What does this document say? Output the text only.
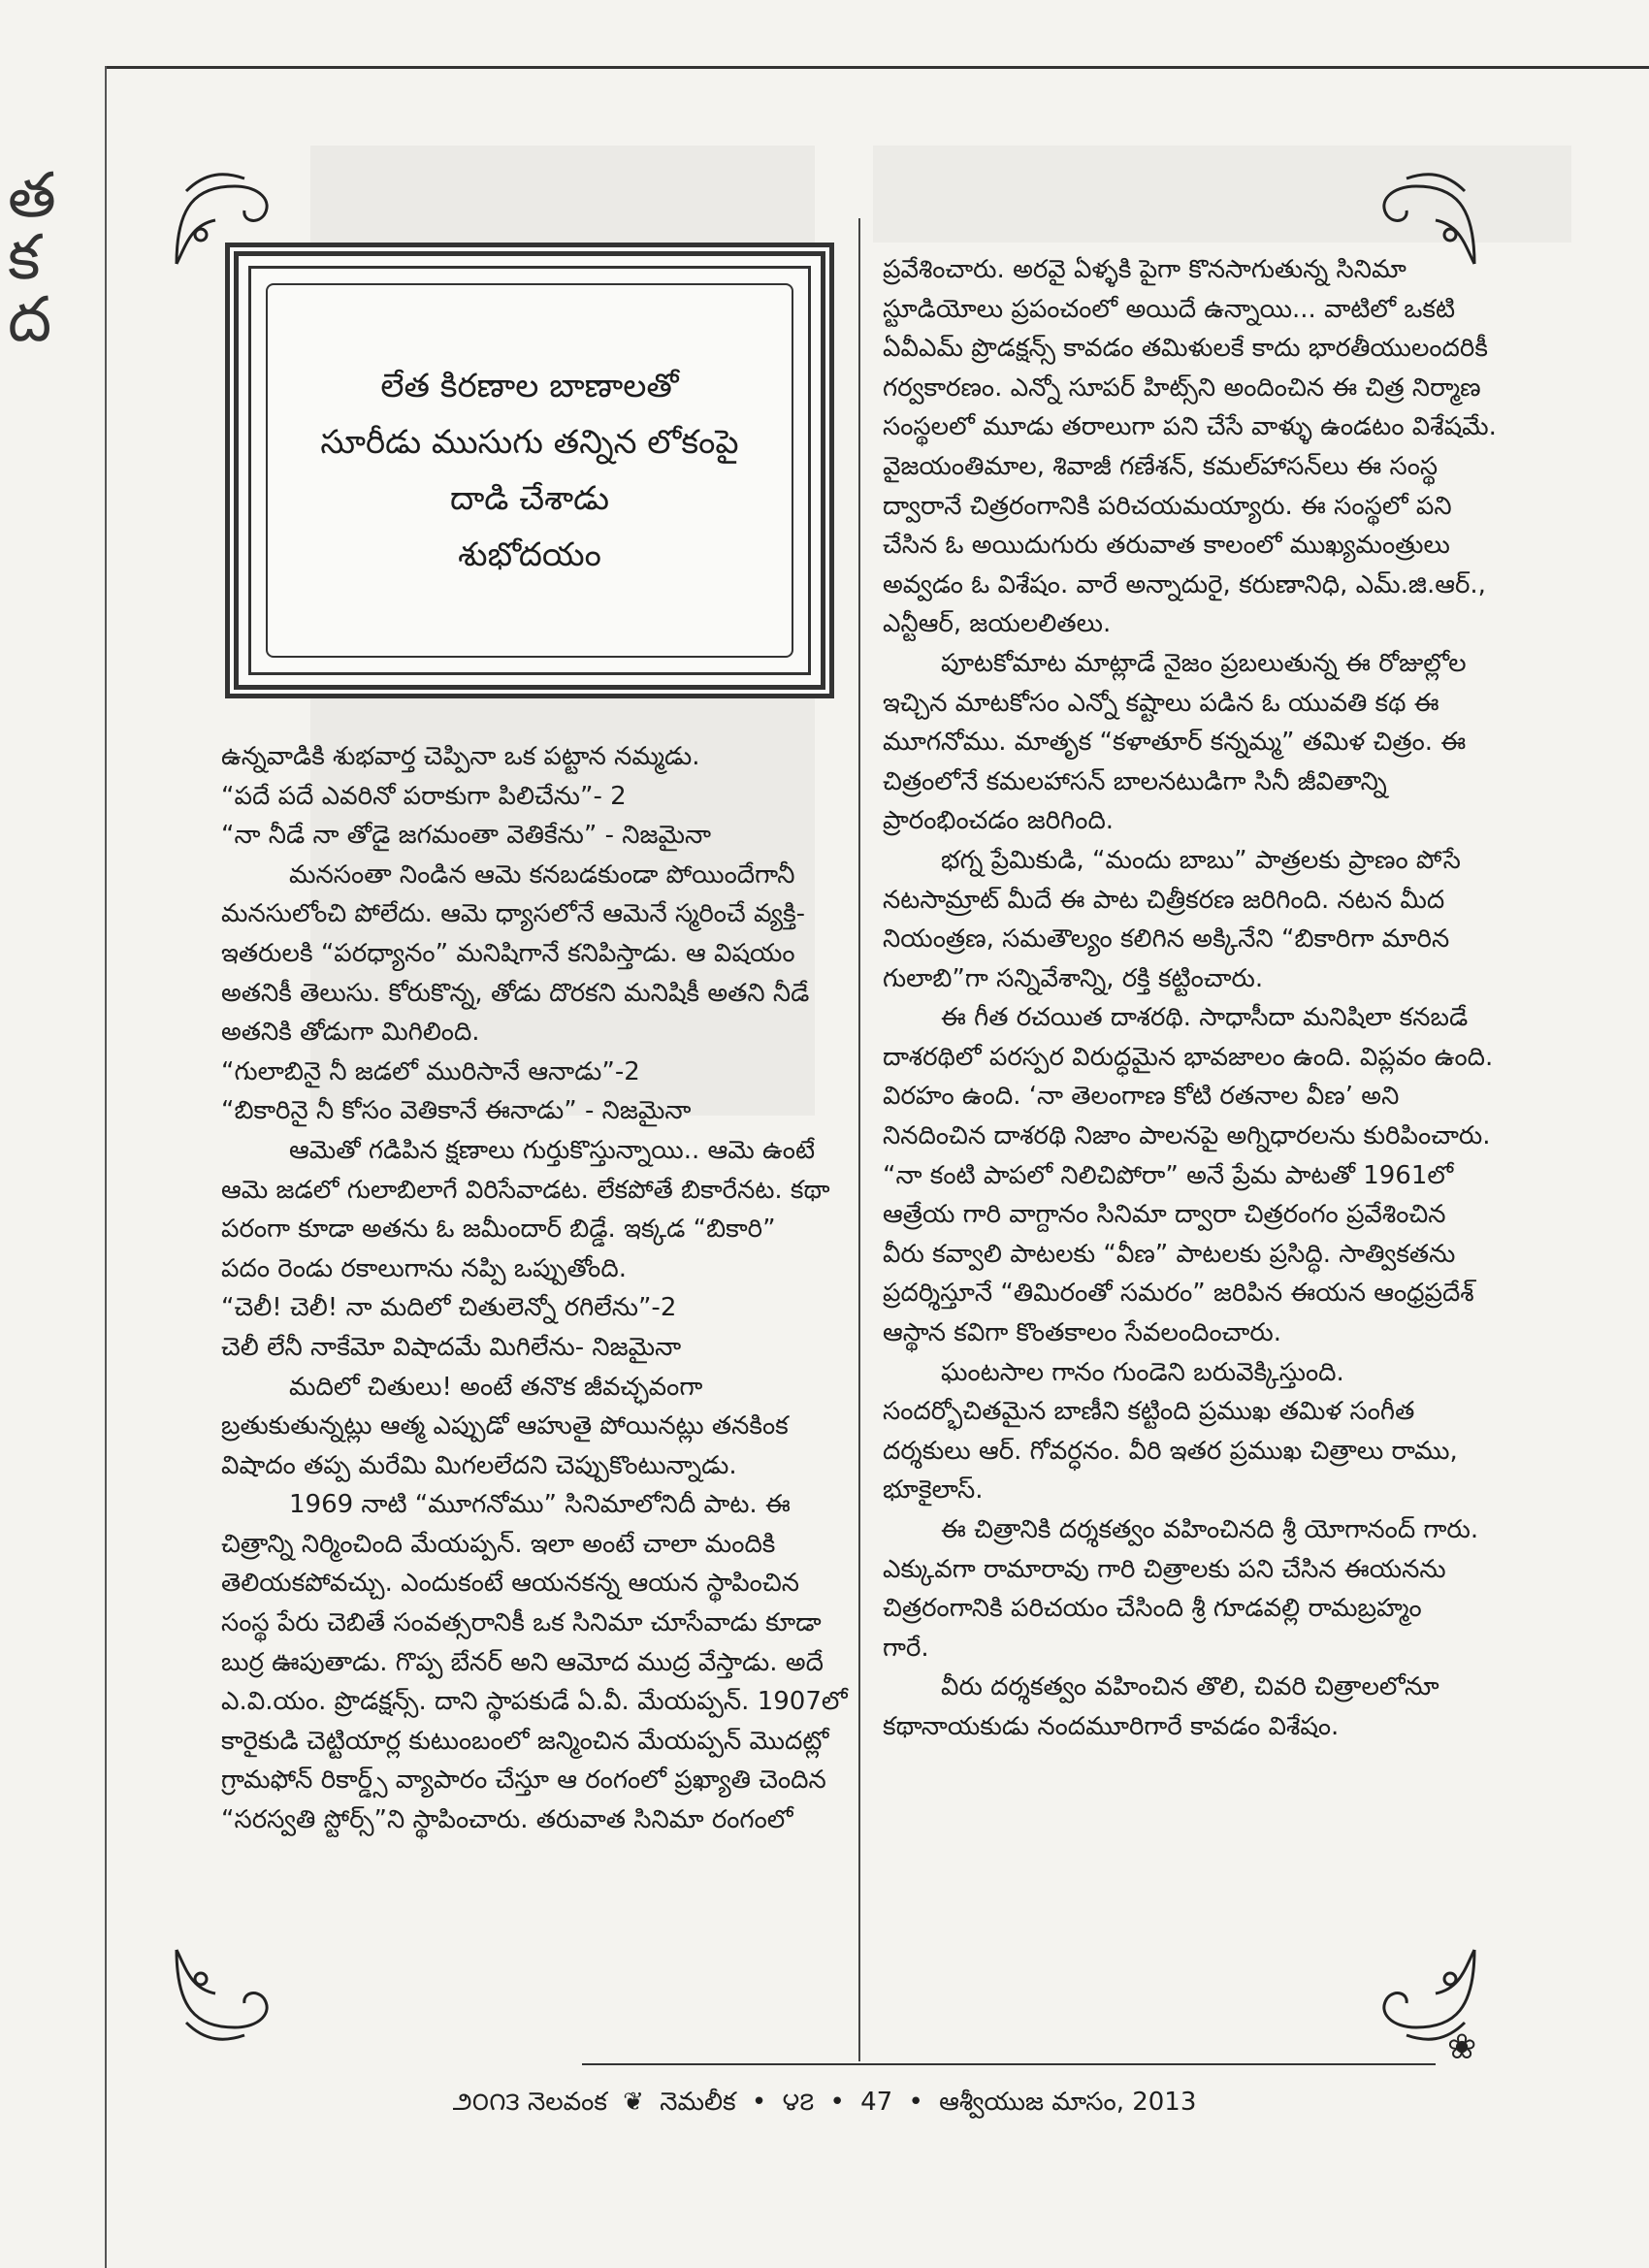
త
క
ద
లేత కిరణాల బాణాలతో
సూరీడు ముసుగు తన్నిన లోకంపై
దాడి చేశాడు
శుభోదయం

ఉన్నవాడికి శుభవార్త చెప్పినా ఒక పట్టాన నమ్మడు.

“పదే పదే ఎవరినో పరాకుగా పిలిచేను”- 2

“నా నీడే నా తోడై జగమంతా వెతికేను” - నిజమైనా

మనసంతా నిండిన ఆమె కనబడకుండా పోయిందేగానీ

మనసులోంచి పోలేదు. ఆమె ధ్యాసలోనే ఆమెనే స్మరించే వ్యక్తి-

ఇతరులకి “పరధ్యానం” మనిషిగానే కనిపిస్తాడు. ఆ విషయం

అతనికీ తెలుసు. కోరుకొన్న, తోడు దొరకని మనిషికీ అతని నీడే

అతనికి తోడుగా మిగిలింది.

“గులాబినై నీ జడలో మురిసానే ఆనాడు”-2

“బికారినై నీ కోసం వెతికానే ఈనాడు” - నిజమైనా

ఆమెతో గడిపిన క్షణాలు గుర్తుకొస్తున్నాయి.. ఆమె ఉంటే

ఆమె జడలో గులాబిలాగే విరిసేవాడట. లేకపోతే బికారేనట. కథా

పరంగా కూడా అతను ఓ జమీందార్ బిడ్డే. ఇక్కడ “బికారి”

పదం రెండు రకాలుగాను నప్పి ఒప్పుతోంది.

“చెలీ! చెలీ! నా మదిలో చితులెన్నో రగిలేను”-2

చెలీ లేనీ నాకేమో విషాదమే మిగిలేను- నిజమైనా

మదిలో చితులు! అంటే తనొక జీవచ్ఛవంగా

బ్రతుకుతున్నట్లు ఆత్మ ఎప్పుడో ఆహుతై పోయినట్లు తనకింక

విషాదం తప్ప మరేమి మిగలలేదని చెప్పుకొంటున్నాడు.

1969 నాటి “మూగనోము” సినిమాలోనిదీ పాట. ఈ

చిత్రాన్ని నిర్మించింది మేయప్పన్. ఇలా అంటే చాలా మందికి

తెలియకపోవచ్చు. ఎందుకంటే ఆయనకన్న ఆయన స్థాపించిన

సంస్థ పేరు చెబితే సంవత్సరానికీ ఒక సినిమా చూసేవాడు కూడా

బుర్ర ఊపుతాడు. గొప్ప బేనర్ అని ఆమోద ముద్ర వేస్తాడు. అదే

ఎ.వి.యం. ప్రొడక్షన్స్. దాని స్థాపకుడే ఏ.వీ. మేయప్పన్. 1907లో

కారైకుడి చెట్టియార్ల కుటుంబంలో జన్మించిన మేయప్పన్ మొదట్లో

గ్రామఫోన్ రికార్డ్స్ వ్యాపారం చేస్తూ ఆ రంగంలో ప్రఖ్యాతి చెందిన

“సరస్వతి స్టోర్స్”ని స్థాపించారు. తరువాత సినిమా రంగంలో

ప్రవేశించారు. అరవై ఏళ్ళకి పైగా కొనసాగుతున్న సినిమా

స్టూడియోలు ప్రపంచంలో అయిదే ఉన్నాయి... వాటిలో ఒకటి

ఏవీఎమ్ ప్రొడక్షన్స్ కావడం తమిళులకే కాదు భారతీయులందరికీ

గర్వకారణం. ఎన్నో సూపర్ హిట్స్‌ని అందించిన ఈ చిత్ర నిర్మాణ

సంస్థలలో మూడు తరాలుగా పని చేసే వాళ్ళు ఉండటం విశేషమే.

వైజయంతిమాల, శివాజీ గణేశన్, కమల్‌హాసన్‌లు ఈ సంస్థ

ద్వారానే చిత్రరంగానికి పరిచయమయ్యారు. ఈ సంస్థలో పని

చేసిన ఓ అయిదుగురు తరువాత కాలంలో ముఖ్యమంత్రులు

అవ్వడం ఓ విశేషం. వారే అన్నాదురై, కరుణానిధి, ఎమ్.జి.ఆర్.,

ఎన్టీఆర్, జయలలితలు.

పూటకోమాట మాట్లాడే నైజం ప్రబలుతున్న ఈ రోజుల్లోల

ఇచ్చిన మాటకోసం ఎన్నో కష్టాలు పడిన ఓ యువతి కథ ఈ

మూగనోము. మాతృక “కళాతూర్ కన్నమ్మ” తమిళ చిత్రం. ఈ

చిత్రంలోనే కమలహాసన్ బాలనటుడిగా సినీ జీవితాన్ని

ప్రారంభించడం జరిగింది.

భగ్న ప్రేమికుడి, “మందు బాబు” పాత్రలకు ప్రాణం పోసే

నటసామ్రాట్ మీదే ఈ పాట చిత్రీకరణ జరిగింది. నటన మీద

నియంత్రణ, సమతౌల్యం కలిగిన అక్కినేని “బికారిగా మారిన

గులాబి”గా సన్నివేశాన్ని, రక్తి కట్టించారు.

ఈ గీత రచయిత దాశరథి. సాధాసీదా మనిషిలా కనబడే

దాశరథిలో పరస్పర విరుద్ధమైన భావజాలం ఉంది. విప్లవం ఉంది.

విరహం ఉంది. ‘నా తెలంగాణ కోటి రతనాల వీణ’ అని

నినదించిన దాశరథి నిజాం పాలనపై అగ్నిధారలను కురిపించారు.

“నా కంటి పాపలో నిలిచిపోరా” అనే ప్రేమ పాటతో 1961లో

ఆత్రేయ గారి వాగ్దానం సినిమా ద్వారా చిత్రరంగం ప్రవేశించిన

వీరు కవ్వాలి పాటలకు “వీణ” పాటలకు ప్రసిద్ధి. సాత్వికతను

ప్రదర్శిస్తూనే “తిమిరంతో సమరం” జరిపిన ఈయన ఆంధ్రప్రదేశ్

ఆస్థాన కవిగా కొంతకాలం సేవలందించారు.

ఘంటసాల గానం గుండెని బరువెక్కిస్తుంది.

సందర్భోచితమైన బాణీని కట్టింది ప్రముఖ తమిళ సంగీత

దర్శకులు ఆర్. గోవర్ధనం. వీరి ఇతర ప్రముఖ చిత్రాలు రాము,

భూకైలాస్.

ఈ చిత్రానికి దర్శకత్వం వహించినది శ్రీ యోగానంద్ గారు.

ఎక్కువగా రామారావు గారి చిత్రాలకు పని చేసిన ఈయనను

చిత్రరంగానికి పరిచయం చేసింది శ్రీ గూడవల్లి రామబ్రహ్మం

గారే.

వీరు దర్శకత్వం వహించిన తొలి, చివరి చిత్రాలలోనూ

కథానాయకుడు నందమూరిగారే కావడం విశేషం.

❀
౨౦౧౩ నెలవంక ❦ నెమలీక • ౪౭ • 47 • ఆశ్వీయుజ మాసం, 2013
